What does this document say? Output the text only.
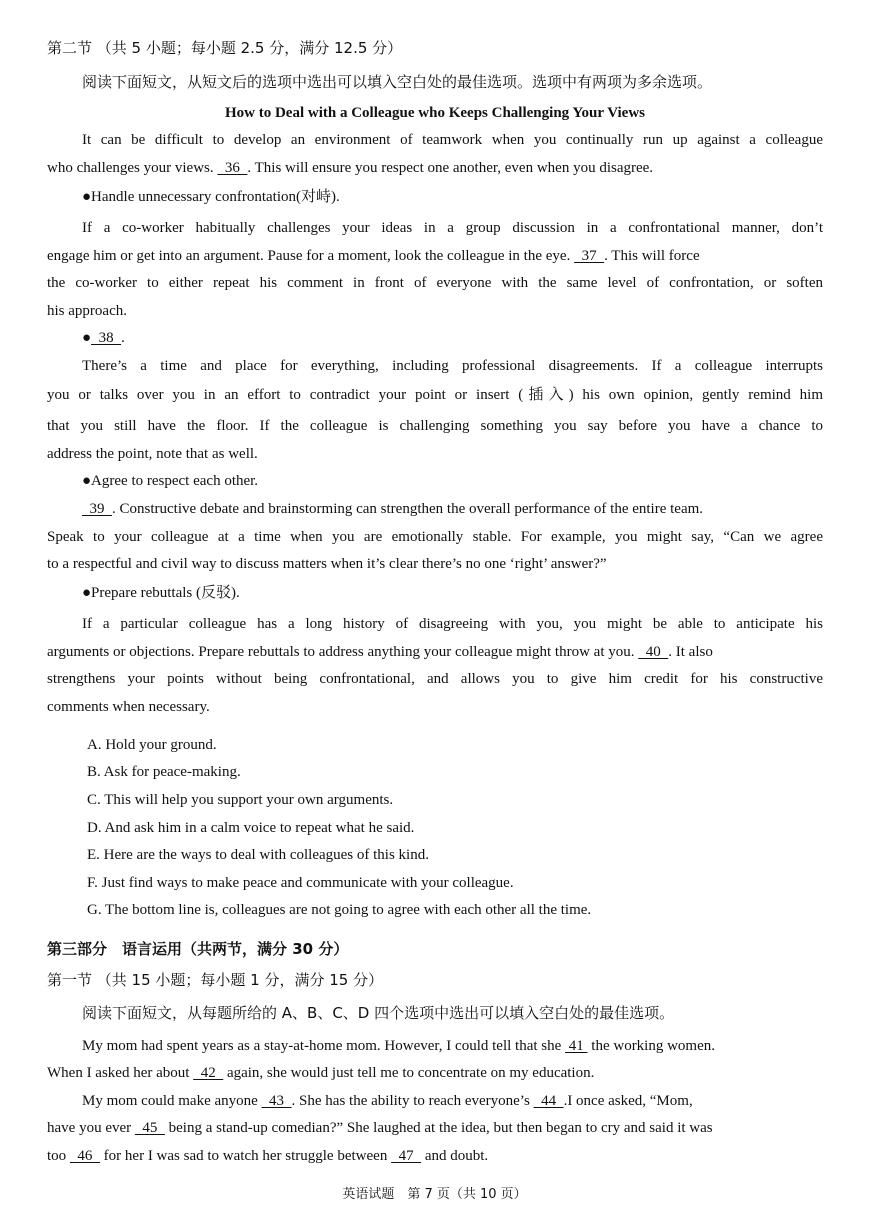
第二节 （共 5 小题；每小题 2.5 分，满分 12.5 分）
阅读下面短文，从短文后的选项中选出可以填入空白处的最佳选项。选项中有两项为多余选项。
How to Deal with a Colleague who Keeps Challenging Your Views
It can be difficult to develop an environment of teamwork when you continually run up against a colleague
who challenges your views.   36  . This will ensure you respect one another, even when you disagree.
●Handle unnecessary confrontation(对峙).
If a co-worker habitually challenges your ideas in a group discussion in a confrontational manner, don’t
engage him or get into an argument. Pause for a moment, look the colleague in the eye.   37  . This will force
the co-worker to either repeat his comment in front of everyone with the same level of confrontation, or soften
his approach.
●  38  .
There’s a time and place for everything, including professional disagreements. If a colleague interrupts
you or talks over you in an effort to contradict your point or insert (插入) his own opinion, gently remind him
that you still have the floor. If the colleague is challenging something you say before you have a chance to
address the point, note that as well.
●Agree to respect each other.
39  . Constructive debate and brainstorming can strengthen the overall performance of the entire team.
Speak to your colleague at a time when you are emotionally stable. For example, you might say, “Can we agree
to a respectful and civil way to discuss matters when it’s clear there’s no one ‘right’ answer?”
●Prepare rebuttals (反驳).
If a particular colleague has a long history of disagreeing with you, you might be able to anticipate his
arguments or objections. Prepare rebuttals to address anything your colleague might throw at you.   40  . It also
strengthens your points without being confrontational, and allows you to give him credit for his constructive
comments when necessary.
A. Hold your ground.
B. Ask for peace-making.
C. This will help you support your own arguments.
D. And ask him in a calm voice to repeat what he said.
E. Here are the ways to deal with colleagues of this kind.
F. Just find ways to make peace and communicate with your colleague.
G. The bottom line is, colleagues are not going to agree with each other all the time.
第三部分　语言运用（共两节，满分 30 分）
第一节 （共 15 小题；每小题 1 分，满分 15 分）
阅读下面短文，从每题所给的 A、B、C、D 四个选项中选出可以填入空白处的最佳选项。
My mom had spent years as a stay-at-home mom. However, I could tell that she  41  the working women.
When I asked her about   42   again, she would just tell me to concentrate on my education.
My mom could make anyone   43  . She has the ability to reach everyone’s   44  .I once asked, “Mom,
have you ever   45   being a stand-up comedian?” She laughed at the idea, but then began to cry and said it was
too   46   for her I was sad to watch her struggle between   47   and doubt.
英语试题　第 7 页（共 10 页）
